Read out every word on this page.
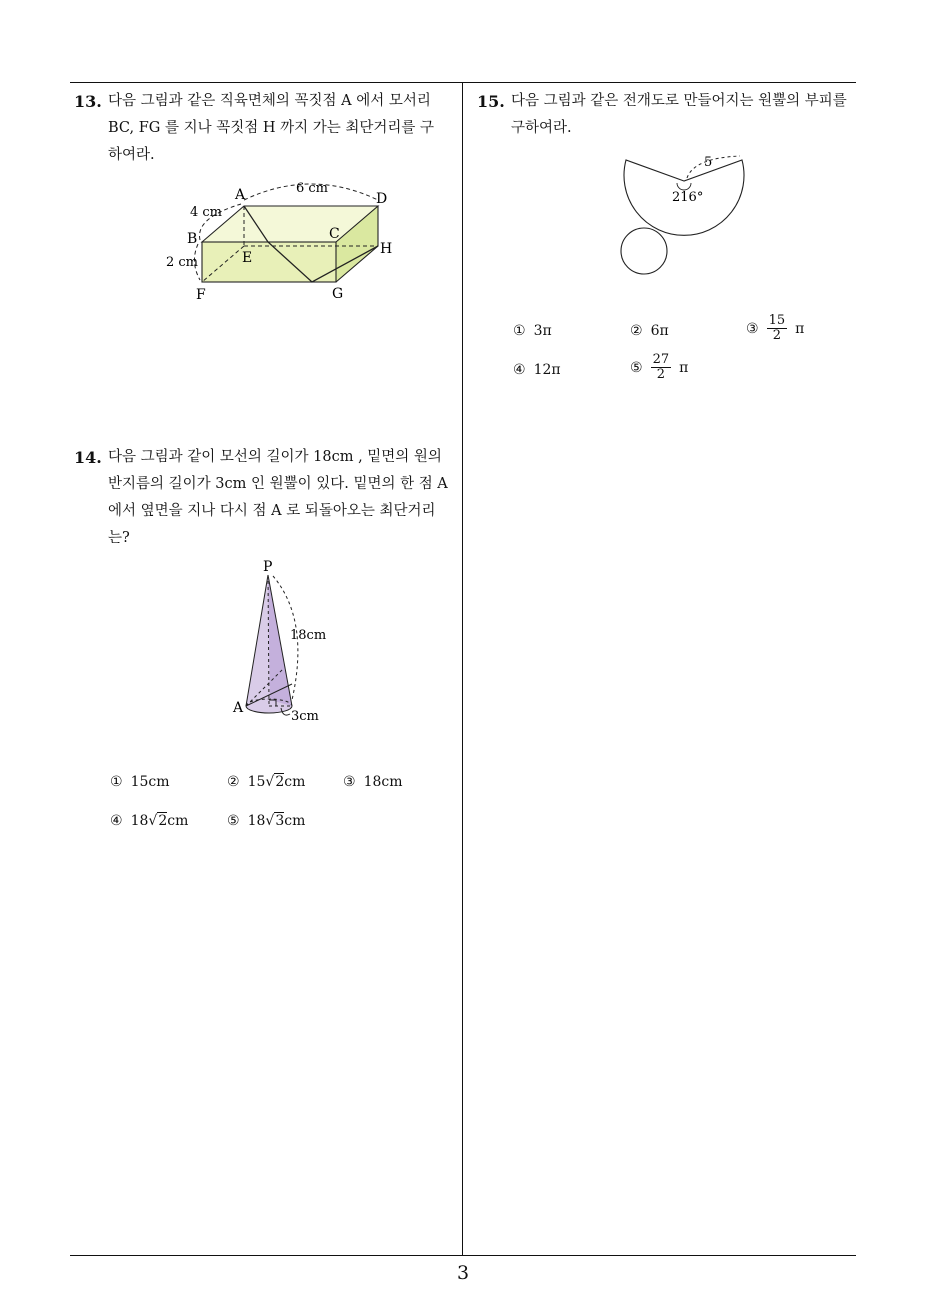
13. 다음 그림과 같은 직육면체의 꼭짓점 A 에서 모서리
BC, FG 를 지나 꼭짓점 H 까지 가는 최단거리를 구
하여라.
A
B	C
D
E
F	G
H
6 cm
4 cm
2 cm
14. 다음 그림과 같이 모선의 길이가 18cm , 밑면의 원의
반지름의 길이가 3cm 인 원뿔이 있다. 밑면의 한 점 A
에서 옆면을 지나 다시 점 A 로 되돌아오는 최단거리
는?
P
A
18cm
3cm
① 15cm	② 15√2cm	③ 18cm
④ 18√2cm	⑤ 18√3cm
15. 다음 그림과 같은 전개도로 만들어지는 원뿔의 부피를
구하여라.
5
216°
① 3π	② 6π	③ $\frac{15}{2}$ π
④ 12π	⑤ $\frac{27}{2}$ π
3
